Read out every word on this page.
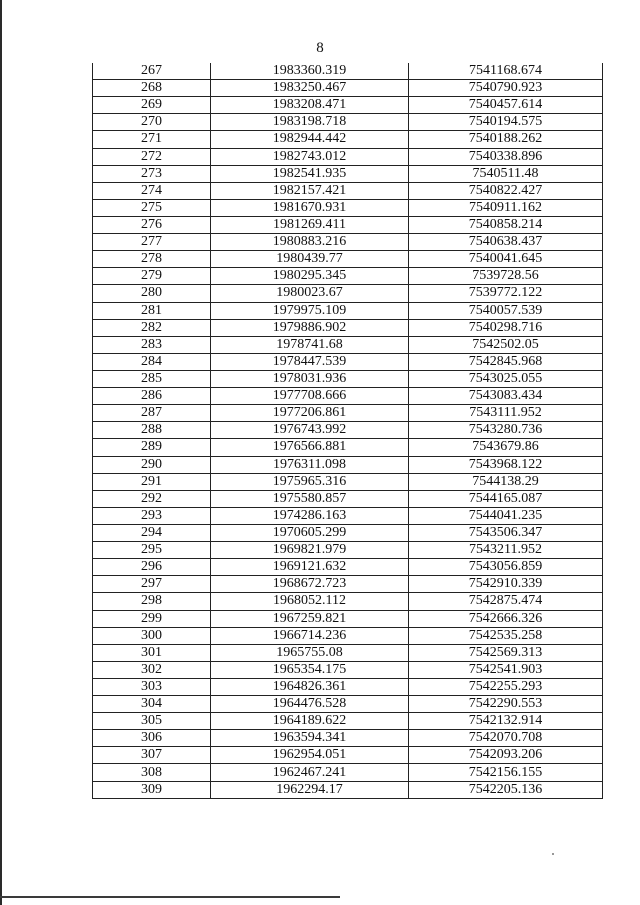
8
267	1983360.319	7541168.674
268	1983250.467	7540790.923
269	1983208.471	7540457.614
270	1983198.718	7540194.575
271	1982944.442	7540188.262
272	1982743.012	7540338.896
273	1982541.935	7540511.48
274	1982157.421	7540822.427
275	1981670.931	7540911.162
276	1981269.411	7540858.214
277	1980883.216	7540638.437
278	1980439.77	7540041.645
279	1980295.345	7539728.56
280	1980023.67	7539772.122
281	1979975.109	7540057.539
282	1979886.902	7540298.716
283	1978741.68	7542502.05
284	1978447.539	7542845.968
285	1978031.936	7543025.055
286	1977708.666	7543083.434
287	1977206.861	7543111.952
288	1976743.992	7543280.736
289	1976566.881	7543679.86
290	1976311.098	7543968.122
291	1975965.316	7544138.29
292	1975580.857	7544165.087
293	1974286.163	7544041.235
294	1970605.299	7543506.347
295	1969821.979	7543211.952
296	1969121.632	7543056.859
297	1968672.723	7542910.339
298	1968052.112	7542875.474
299	1967259.821	7542666.326
300	1966714.236	7542535.258
301	1965755.08	7542569.313
302	1965354.175	7542541.903
303	1964826.361	7542255.293
304	1964476.528	7542290.553
305	1964189.622	7542132.914
306	1963594.341	7542070.708
307	1962954.051	7542093.206
308	1962467.241	7542156.155
309	1962294.17	7542205.136
